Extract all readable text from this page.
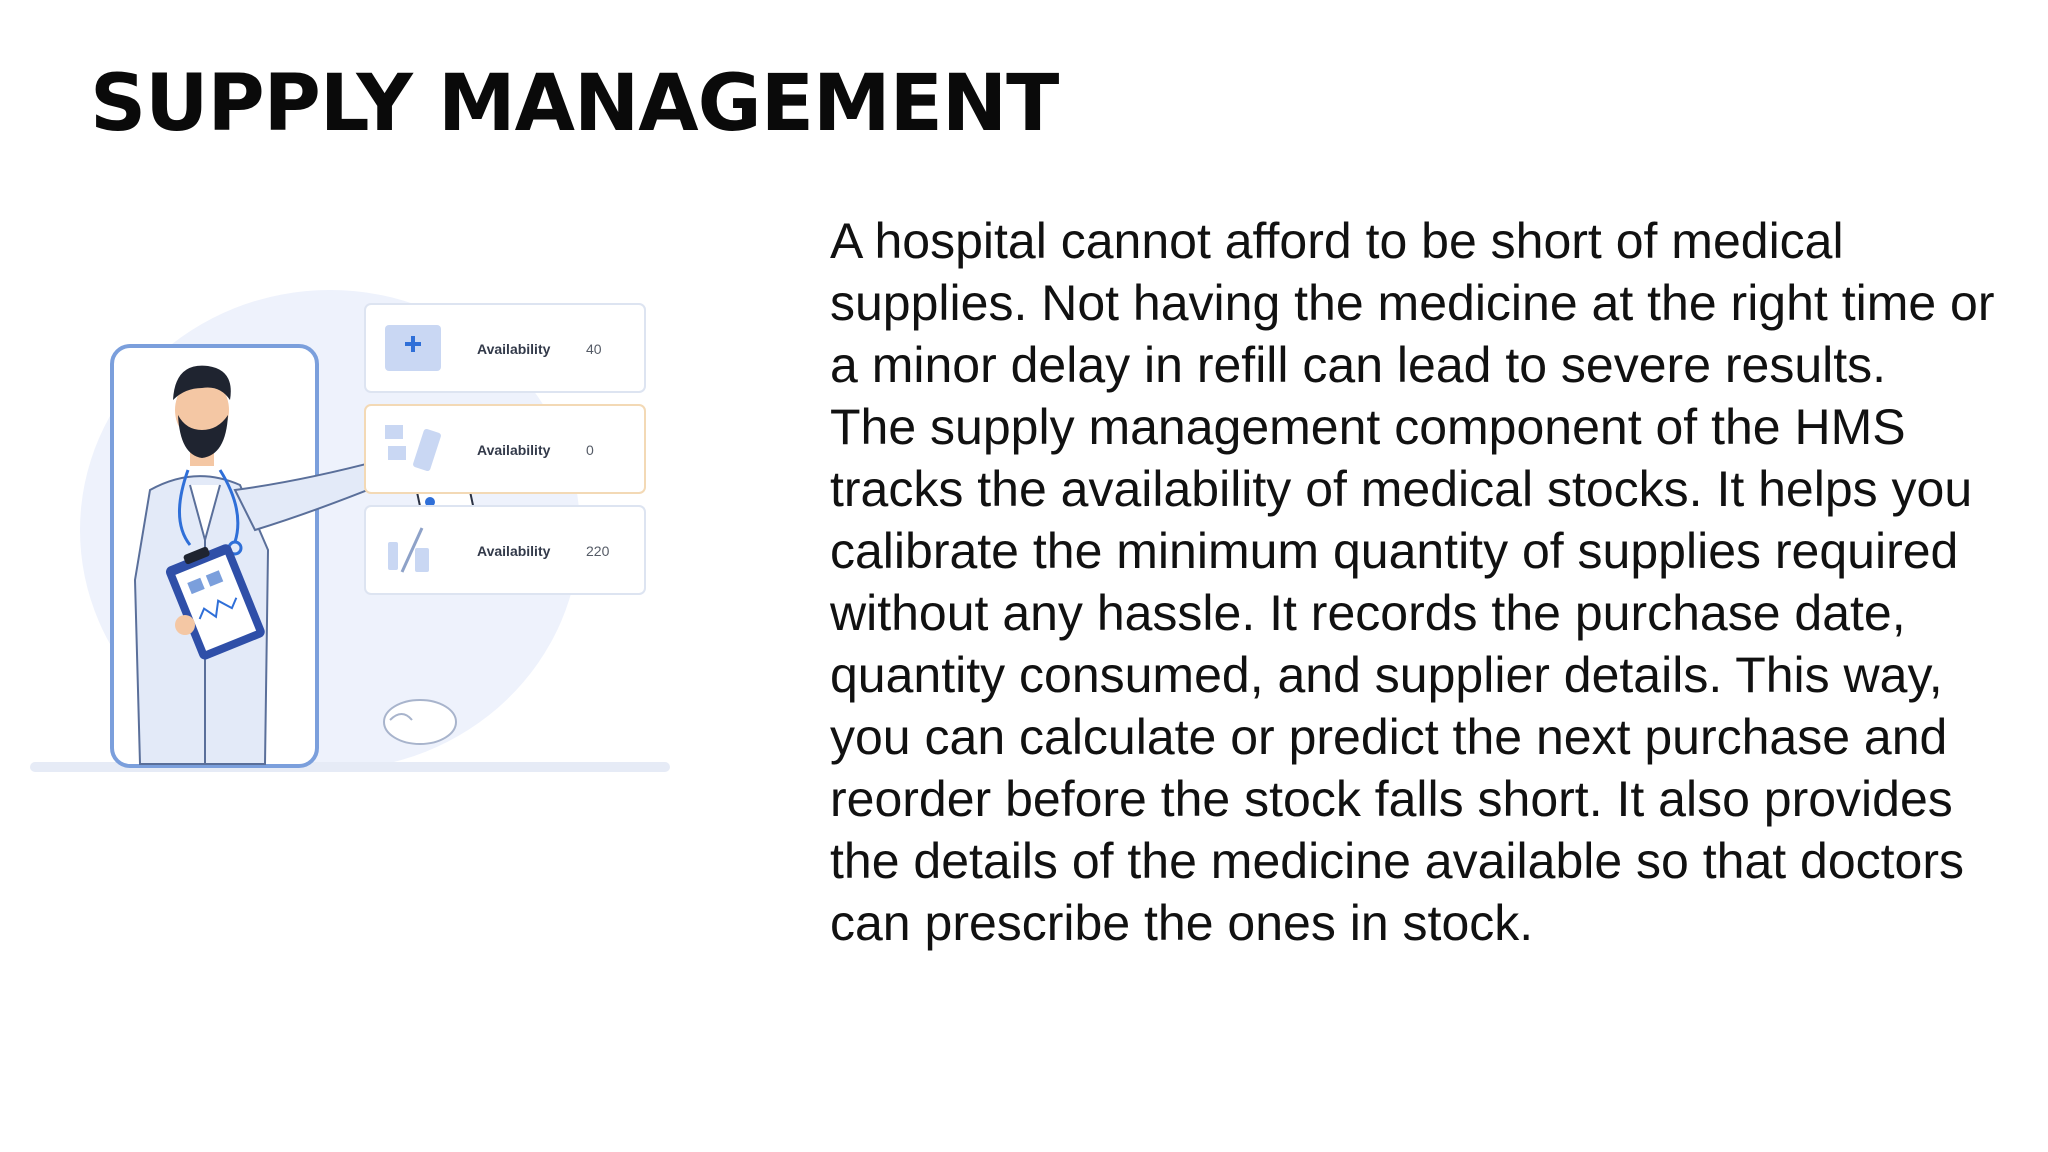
SUPPLY MANAGEMENT
Availability	40
Availability	0
Availability	220

A hospital cannot afford to be short of medical supplies. Not having the medicine at the right time or a minor delay in refill can lead to severe results.

The supply management component of the HMS tracks the availability of medical stocks. It helps you calibrate the minimum quantity of supplies required without any hassle. It records the purchase date, quantity consumed, and supplier details. This way, you can calculate or predict the next purchase and reorder before the stock falls short. It also provides the details of the medicine available so that doctors can prescribe the ones in stock.
